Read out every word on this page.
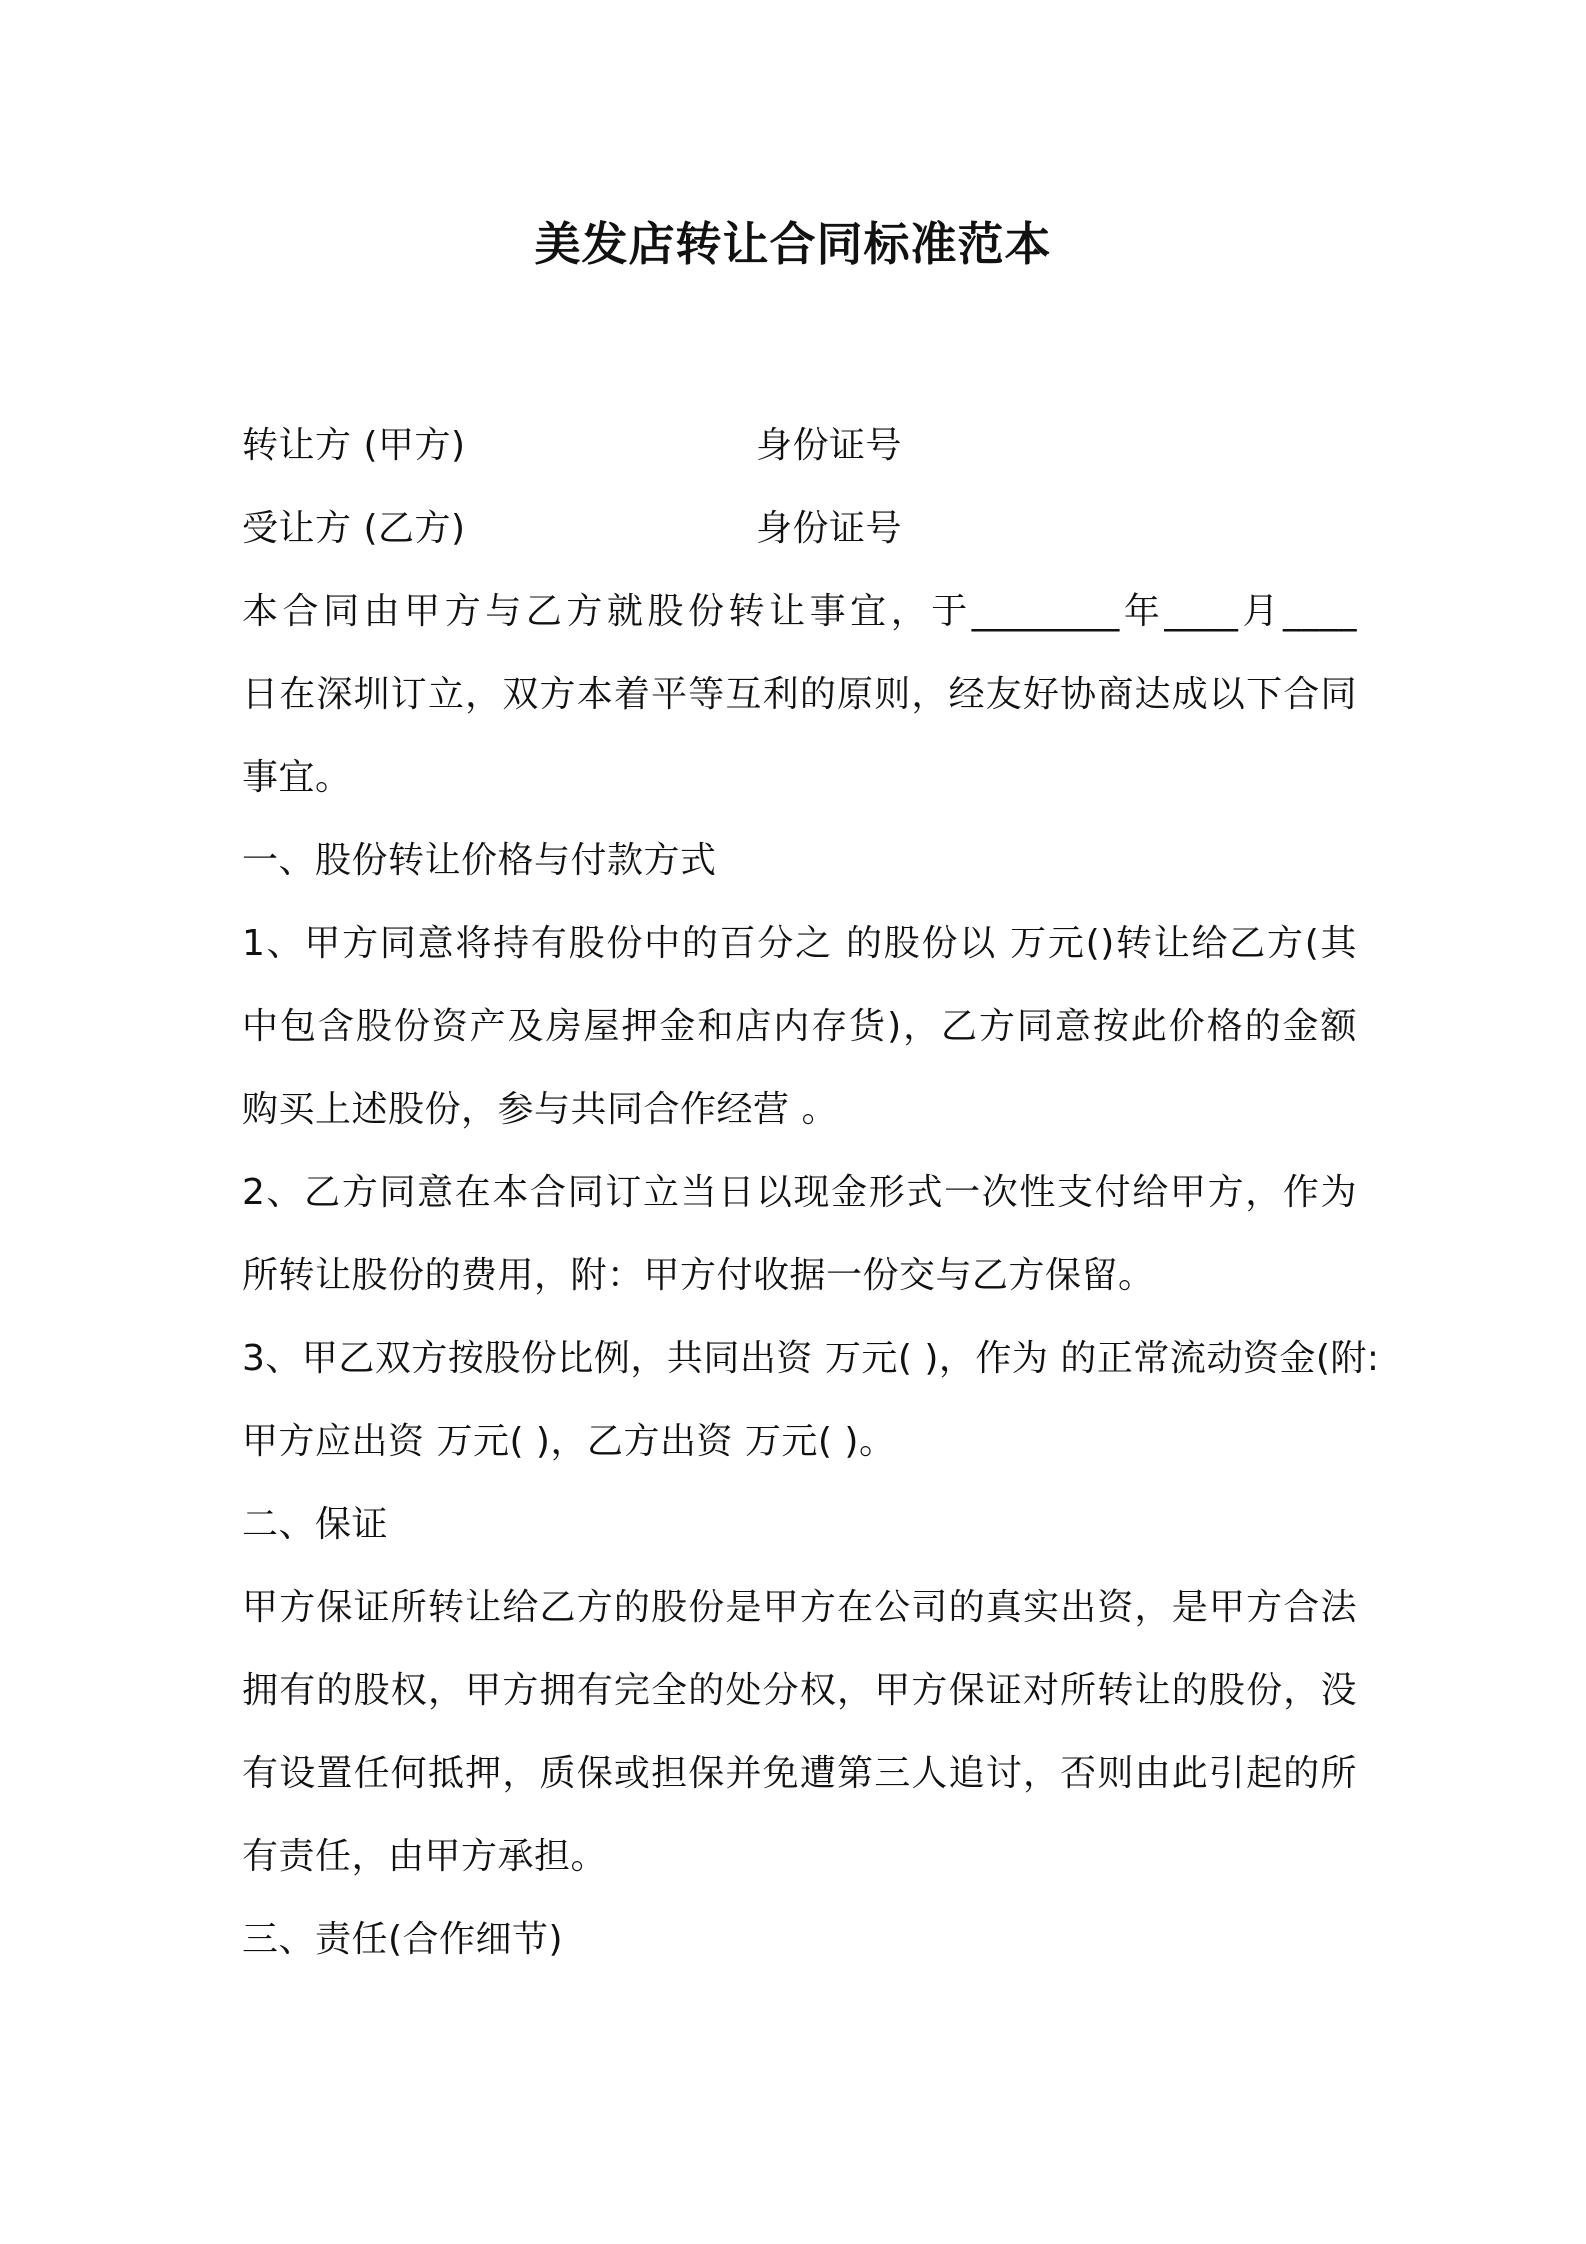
美发店转让合同标准范本
转让方 (甲方)	身份证号
受让方 (乙方)	身份证号
本合同由甲方与乙方就股份转让事宜，于________年____月____
日在深圳订立，双方本着平等互利的原则，经友好协商达成以下合同
事宜。
一、股份转让价格与付款方式
1、甲方同意将持有股份中的百分之 的股份以 万元()转让给乙方(其
中包含股份资产及房屋押金和店内存货)，乙方同意按此价格的金额
购买上述股份，参与共同合作经营 。
2、乙方同意在本合同订立当日以现金形式一次性支付给甲方，作为
所转让股份的费用，附：甲方付收据一份交与乙方保留。
3、甲乙双方按股份比例，共同出资 万元( )，作为 的正常流动资金(附:
甲方应出资 万元( )，乙方出资 万元( )。
二、保证
甲方保证所转让给乙方的股份是甲方在公司的真实出资，是甲方合法
拥有的股权，甲方拥有完全的处分权，甲方保证对所转让的股份，没
有设置任何抵押，质保或担保并免遭第三人追讨，否则由此引起的所
有责任，由甲方承担。
三、责任(合作细节)
